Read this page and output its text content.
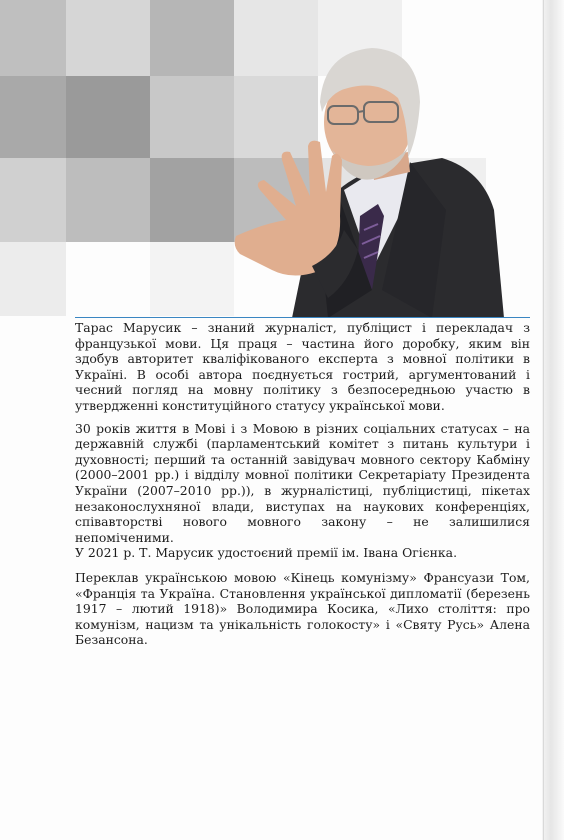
Тарас Марусик – знаний журналіст, публіцист і перекладач з французької мови. Ця праця – частина його доробку, яким він здобув авторитет кваліфікованого експерта з мовної політики в Україні. В особі автора поєднується гострий, аргументований і чесний погляд на мовну політику з безпосередньою участю в утвердженні конституційного статусу української мови.

30 років життя в Мові і з Мовою в різних соціальних статусах – на державній службі (парламентський комітет з питань культури і духовності; перший та останній завідувач мовного сектору Кабміну (2000–2001 рр.) і відділу мовної політики Секретаріату Президента України (2007–2010 рр.)), в журналістиці, публіцистиці, пікетах незаконослухняної влади, виступах на наукових конференціях, співавторстві нового мовного закону – не залишилися непоміченими.

У 2021 р. Т. Марусик удостоєний премії ім. Івана Огієнка.

Переклав українською мовою «Кінець комунізму» Франсуази Том, «Франція та Україна. Становлення української дипломатії (березень 1917 – лютий 1918)» Володимира Косика, «Лихо століття: про комунізм, нацизм та унікальність голокосту» і «Святу Русь» Алена Безансона.
